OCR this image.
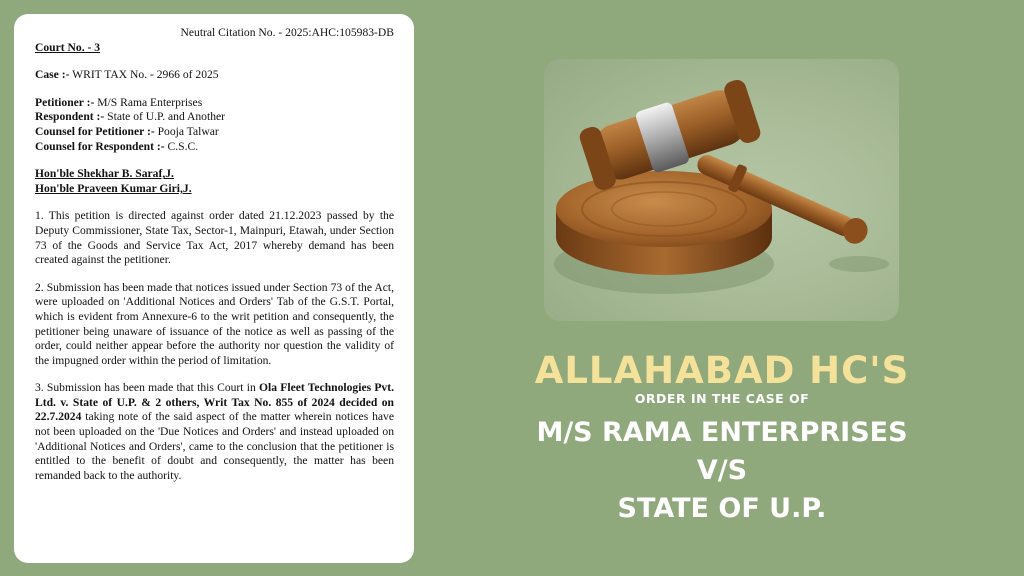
Neutral Citation No. - 2025:AHC:105983-DB

Court No. - 3

Case :- WRIT TAX No. - 2966 of 2025

Petitioner :- M/S Rama Enterprises

Respondent :- State of U.P. and Another

Counsel for Petitioner :- Pooja Talwar

Counsel for Respondent :- C.S.C.

Hon'ble Shekhar B. Saraf,J.

Hon'ble Praveen Kumar Giri,J.

1. This petition is directed against order dated 21.12.2023 passed by the Deputy Commissioner, State Tax, Sector-1, Mainpuri, Etawah, under Section 73 of the Goods and Service Tax Act, 2017 whereby demand has been created against the petitioner.

2. Submission has been made that notices issued under Section 73 of the Act, were uploaded on 'Additional Notices and Orders' Tab of the G.S.T. Portal, which is evident from Annexure-6 to the writ petition and consequently, the petitioner being unaware of issuance of the notice as well as passing of the order, could neither appear before the authority nor question the validity of the impugned order within the period of limitation.

3. Submission has been made that this Court in Ola Fleet Technologies Pvt. Ltd. v. State of U.P. & 2 others, Writ Tax No. 855 of 2024 decided on 22.7.2024 taking note of the said aspect of the matter wherein notices have not been uploaded on the 'Due Notices and Orders' and instead uploaded on 'Additional Notices and Orders', came to the conclusion that the petitioner is entitled to the benefit of doubt and consequently, the matter has been remanded back to the authority.

ALLAHABAD HC'S

ORDER IN THE CASE OF

M/S RAMA ENTERPRISES

V/S

STATE OF U.P.
